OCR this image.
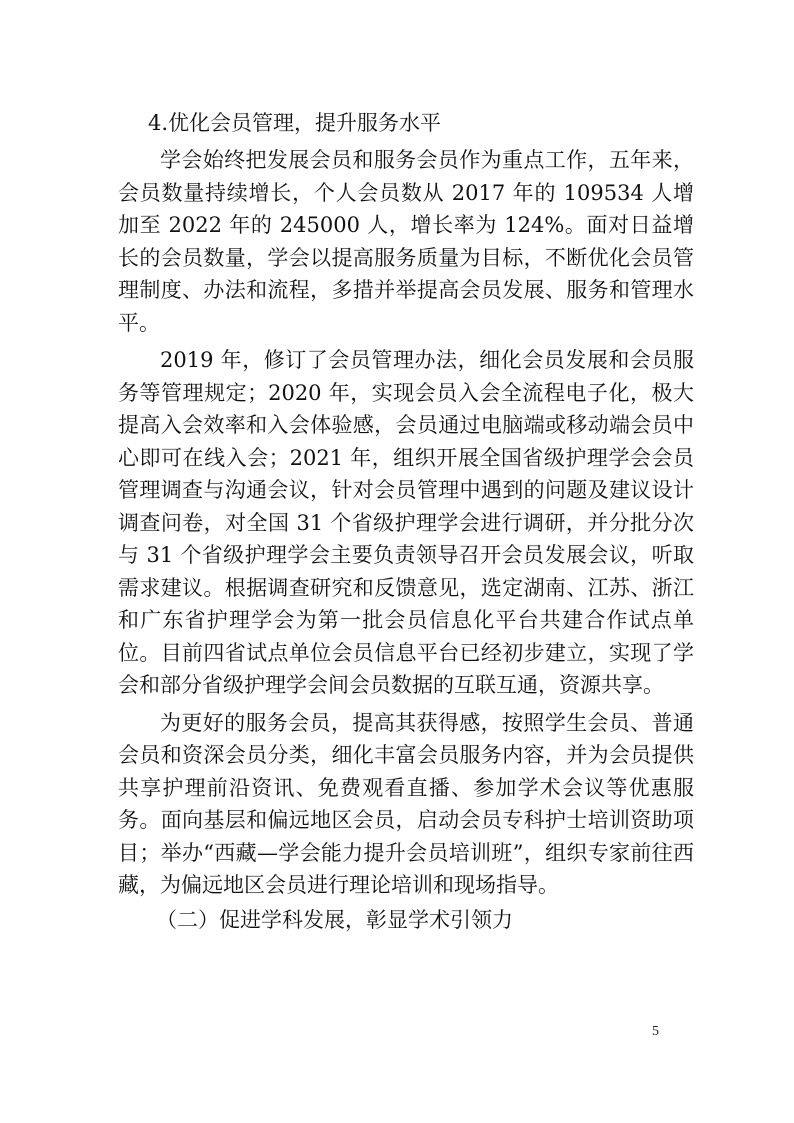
4.优化会员管理，提升服务水平

学会始终把发展会员和服务会员作为重点工作，五年来，会员数量持续增长，个人会员数从 2017 年的 109534 人增加至 2022 年的 245000 人，增长率为 124%。面对日益增长的会员数量，学会以提高服务质量为目标，不断优化会员管理制度、办法和流程，多措并举提高会员发展、服务和管理水平。

2019 年，修订了会员管理办法，细化会员发展和会员服务等管理规定；2020 年，实现会员入会全流程电子化，极大提高入会效率和入会体验感，会员通过电脑端或移动端会员中心即可在线入会；2021 年，组织开展全国省级护理学会会员管理调查与沟通会议，针对会员管理中遇到的问题及建议设计调查问卷，对全国 31 个省级护理学会进行调研，并分批分次与 31 个省级护理学会主要负责领导召开会员发展会议，听取需求建议。根据调查研究和反馈意见，选定湖南、江苏、浙江和广东省护理学会为第一批会员信息化平台共建合作试点单位。目前四省试点单位会员信息平台已经初步建立，实现了学会和部分省级护理学会间会员数据的互联互通，资源共享。

为更好的服务会员，提高其获得感，按照学生会员、普通会员和资深会员分类，细化丰富会员服务内容，并为会员提供共享护理前沿资讯、免费观看直播、参加学术会议等优惠服务。面向基层和偏远地区会员，启动会员专科护士培训资助项目；举办“西藏—学会能力提升会员培训班”，组织专家前往西藏，为偏远地区会员进行理论培训和现场指导。

（二）促进学科发展，彰显学术引领力
5
